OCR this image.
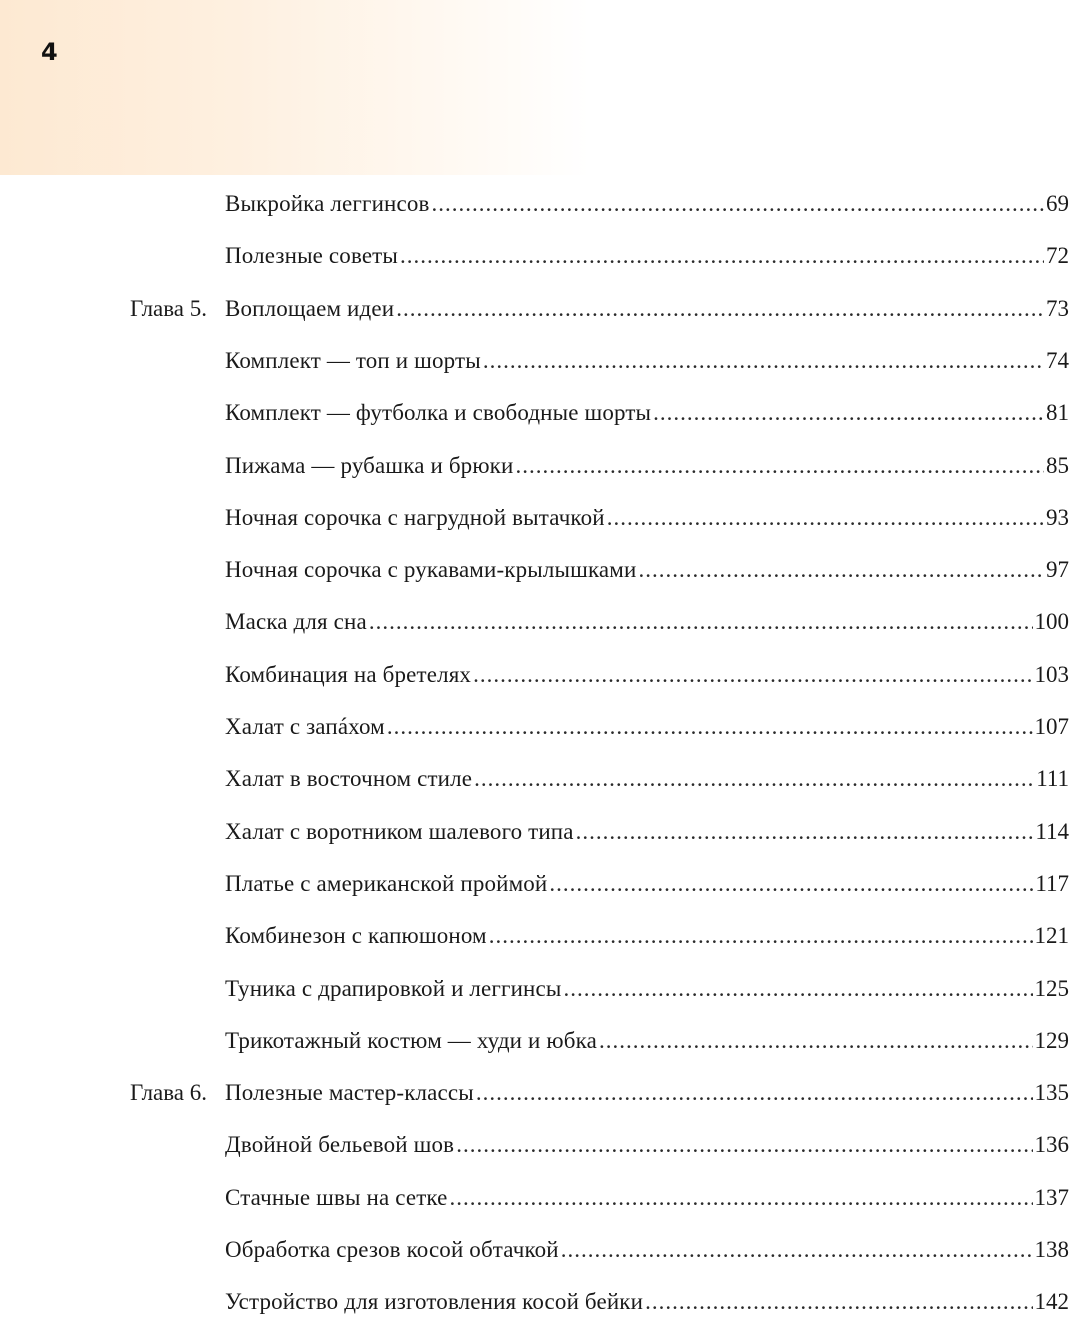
4
Выкройка леггинсов .....	69
Полезные советы .....	72
Глава 5. Воплощаем идеи .....	73
Комплект — топ и шорты .....	74
Комплект — футболка и свободные шорты .....	81
Пижама — рубашка и брюки .....	85
Ночная сорочка с нагрудной вытачкой .....	93
Ночная сорочка с рукавами-крылышками .....	97
Маска для сна .....	100
Комбинация на бретелях .....	103
Халат с запáхом .....	107
Халат в восточном стиле .....	111
Халат с воротником шалевого типа .....	114
Платье с американской проймой .....	117
Комбинезон с капюшоном .....	121
Туника с драпировкой и леггинсы .....	125
Трикотажный костюм — худи и юбка .....	129
Глава 6. Полезные мастер-классы .....	135
Двойной бельевой шов .....	136
Стачные швы на сетке .....	137
Обработка срезов косой обтачкой .....	138
Устройство для изготовления косой бейки .....	142
